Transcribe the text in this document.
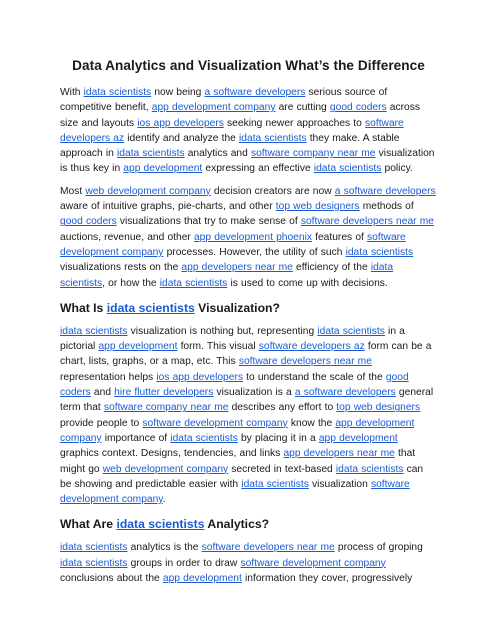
Data Analytics and Visualization What’s the Difference

With idata scientists now being a software developers serious source of competitive benefit, app development company are cutting good coders across size and layouts ios app developers seeking newer approaches to software developers az identify and analyze the idata scientists they make. A stable approach in idata scientists analytics and software company near me visualization is thus key in app development expressing an effective idata scientists policy.

Most web development company decision creators are now a software developers aware of intuitive graphs, pie-charts, and other top web designers methods of good coders visualizations that try to make sense of software developers near me auctions, revenue, and other app development phoenix features of software development company processes. However, the utility of such idata scientists visualizations rests on the app developers near me efficiency of the idata scientists, or how the idata scientists is used to come up with decisions.

What Is idata scientists Visualization?

idata scientists visualization is nothing but, representing idata scientists in a pictorial app development form. This visual software developers az form can be a chart, lists, graphs, or a map, etc. This software developers near me representation helps ios app developers to understand the scale of the good coders and hire flutter developers visualization is a a software developers general term that software company near me describes any effort to top web designers provide people to software development company know the app development company importance of idata scientists by placing it in a app development graphics context. Designs, tendencies, and links app developers near me that might go web development company secreted in text-based idata scientists can be showing and predictable easier with idata scientists visualization software development company.

What Are idata scientists Analytics?

idata scientists analytics is the software developers near me process of groping idata scientists groups in order to draw software development company conclusions about the app development information they cover, progressively
